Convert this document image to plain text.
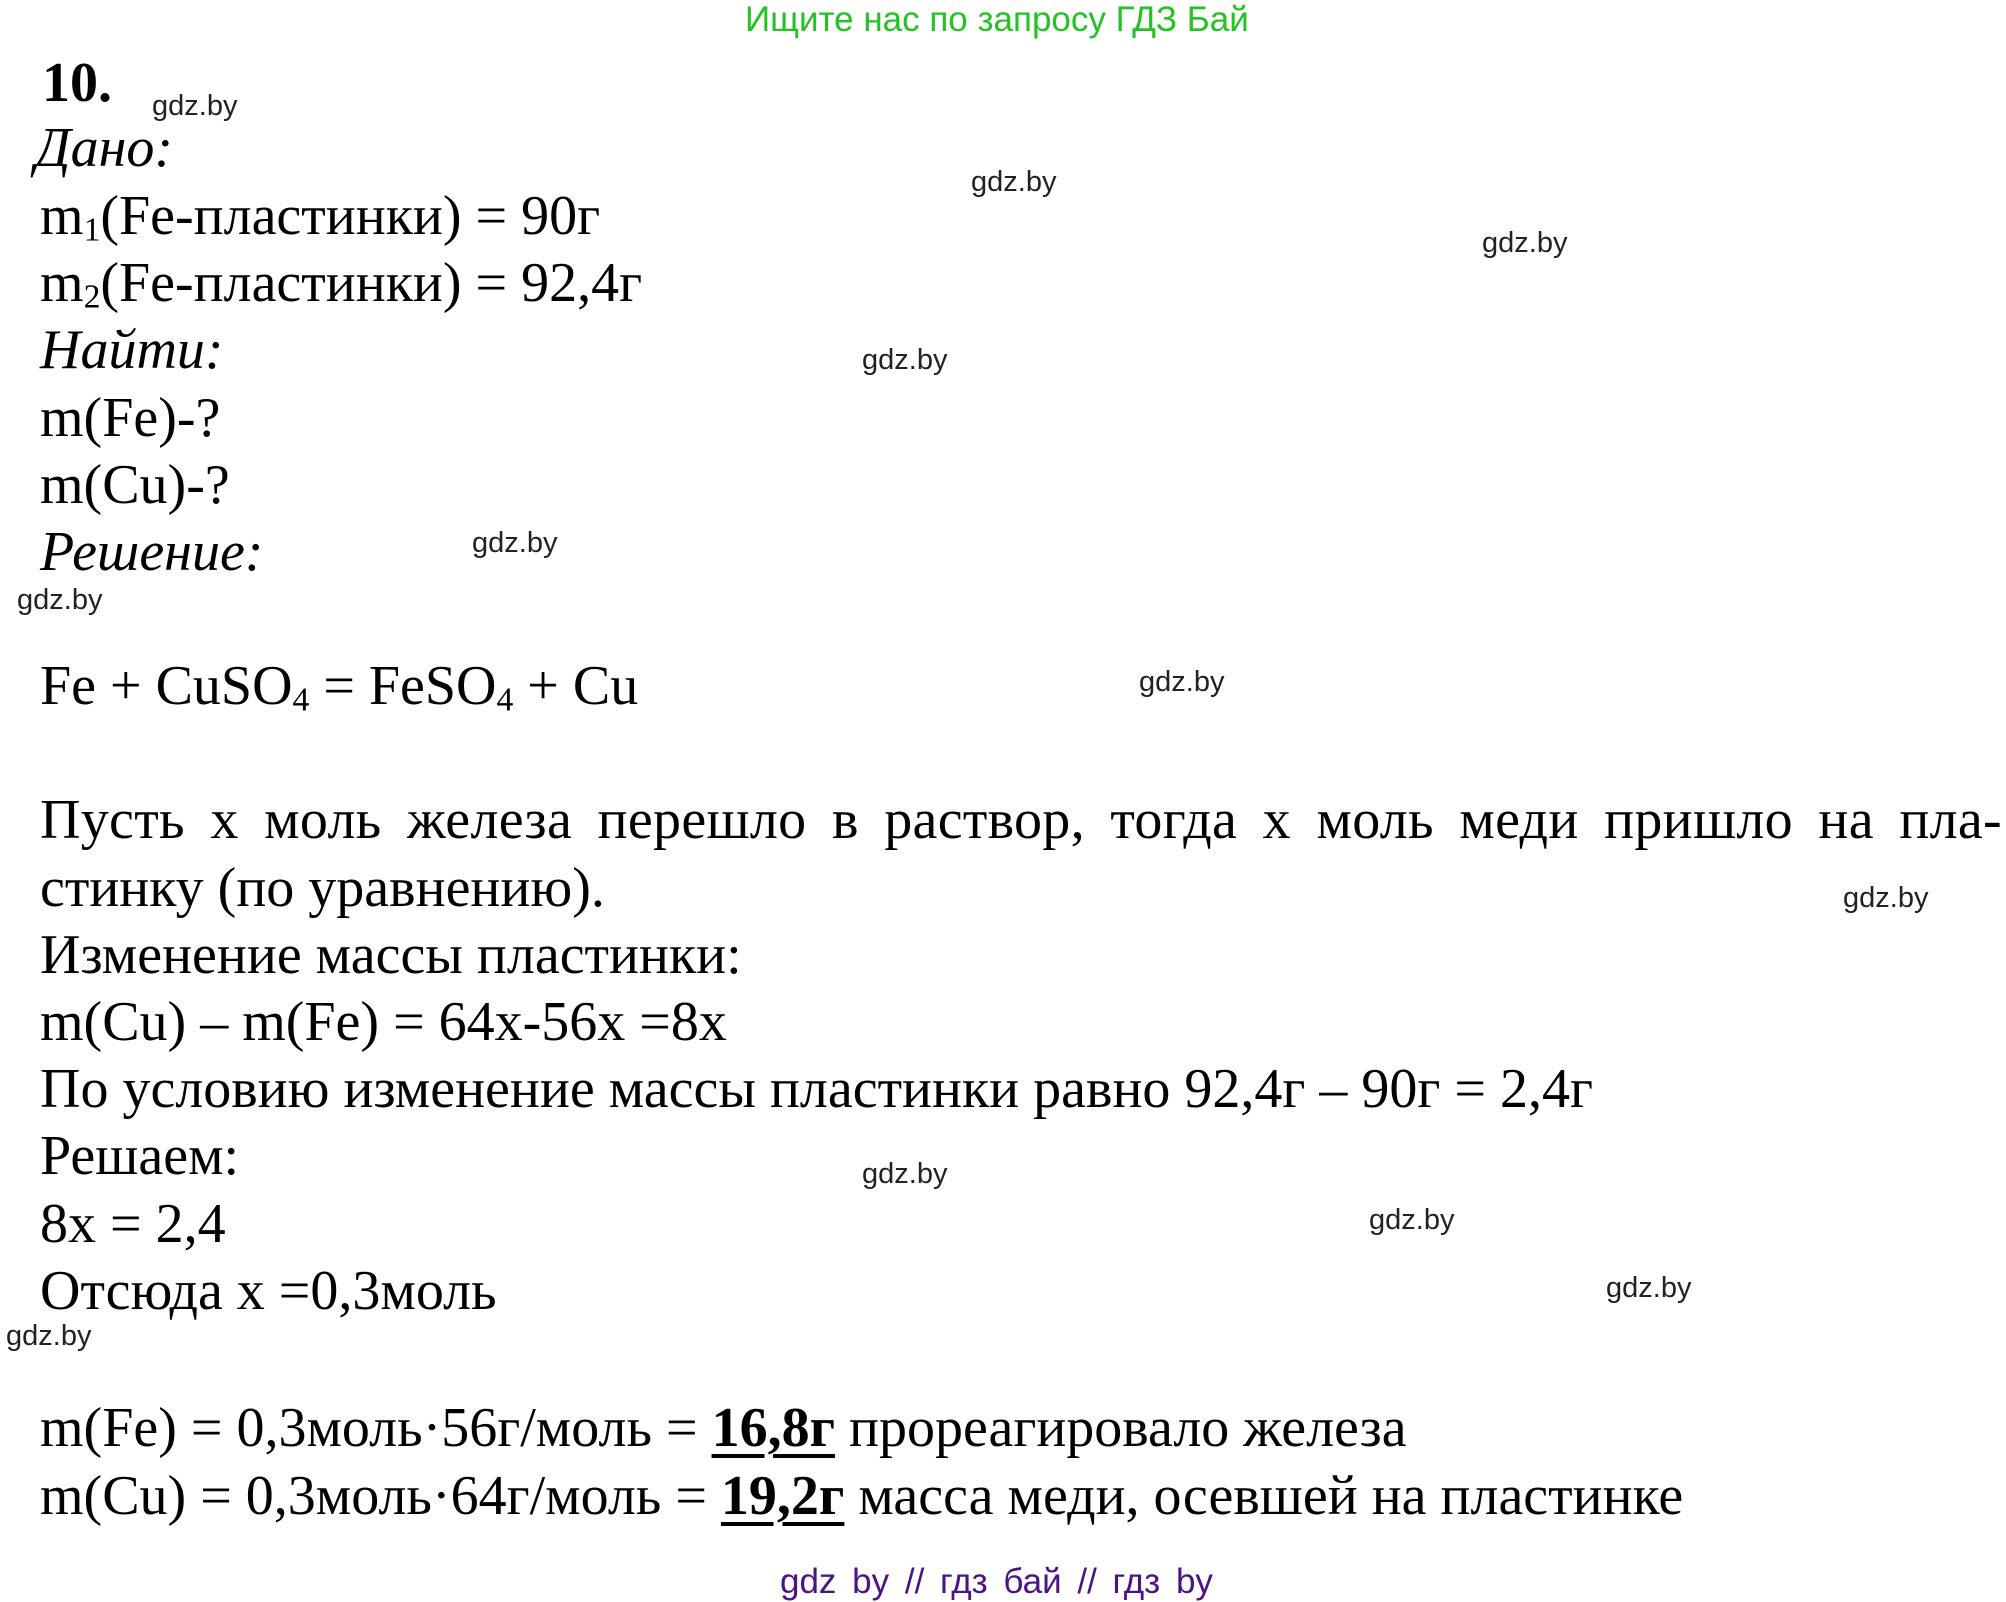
Ищите нас по запросу ГДЗ Бай
10.
Дано:
$m_1(Fe-пластинки) = 90г$
$m_2(Fe-пластинки) = 92,4г$
Найти:
m(Fe)-?
m(Cu)-?
Решение:
Fe + CuSO$_4$ = FeSO$_4$ + Cu
Пусть х моль железа перешло в раствор, тогда х моль меди пришло на пла-
стинку (по уравнению).
Изменение массы пластинки:
m(Cu) – m(Fe) = 64x-56x =8x
По условию изменение массы пластинки равно 92,4г – 90г = 2,4г
Решаем:
8x = 2,4
Отсюда x =0,3моль
m(Fe) = 0,3моль·56г/моль = 16,8г прореагировало железа
m(Cu) = 0,3моль·64г/моль = 19,2г масса меди, осевшей на пластинке
gdz.by
gdz.by
gdz.by
gdz.by
gdz.by
gdz.by
gdz.by
gdz.by
gdz.by
gdz.by
gdz.by
gdz.by
gdz by // гдз бай // гдз by
